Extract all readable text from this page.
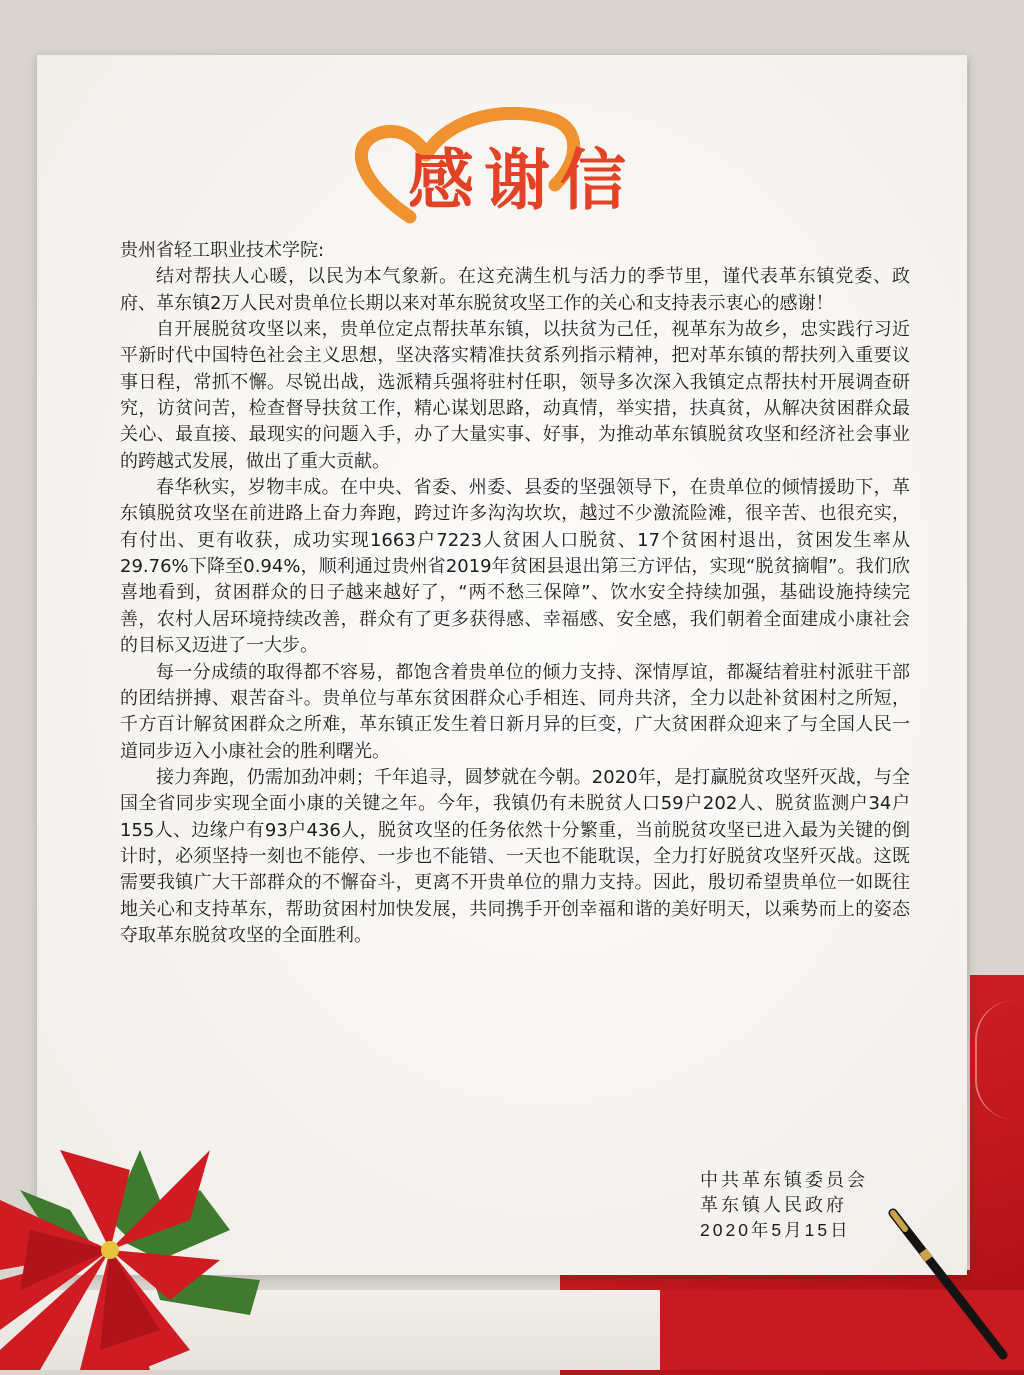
感谢信

贵州省轻工职业技术学院:

结对帮扶人心暖，以民为本气象新。在这充满生机与活力的季节里，谨代表革东镇党委、政府、革东镇2万人民对贵单位长期以来对革东脱贫攻坚工作的关心和支持表示衷心的感谢！

自开展脱贫攻坚以来，贵单位定点帮扶革东镇，以扶贫为己任，视革东为故乡，忠实践行习近平新时代中国特色社会主义思想，坚决落实精准扶贫系列指示精神，把对革东镇的帮扶列入重要议事日程，常抓不懈。尽锐出战，选派精兵强将驻村任职，领导多次深入我镇定点帮扶村开展调查研究，访贫问苦，检查督导扶贫工作，精心谋划思路，动真情，举实措，扶真贫，从解决贫困群众最关心、最直接、最现实的问题入手，办了大量实事、好事，为推动革东镇脱贫攻坚和经济社会事业的跨越式发展，做出了重大贡献。

春华秋实，岁物丰成。在中央、省委、州委、县委的坚强领导下，在贵单位的倾情援助下，革东镇脱贫攻坚在前进路上奋力奔跑，跨过许多沟沟坎坎，越过不少激流险滩，很辛苦、也很充实，有付出、更有收获，成功实现1663户7223人贫困人口脱贫、17个贫困村退出，贫困发生率从29.76%下降至0.94%，顺利通过贵州省2019年贫困县退出第三方评估，实现“脱贫摘帽”。我们欣喜地看到，贫困群众的日子越来越好了，“两不愁三保障”、饮水安全持续加强，基础设施持续完善，农村人居环境持续改善，群众有了更多获得感、幸福感、安全感，我们朝着全面建成小康社会的目标又迈进了一大步。

每一分成绩的取得都不容易，都饱含着贵单位的倾力支持、深情厚谊，都凝结着驻村派驻干部的团结拼搏、艰苦奋斗。贵单位与革东贫困群众心手相连、同舟共济，全力以赴补贫困村之所短，千方百计解贫困群众之所难，革东镇正发生着日新月异的巨变，广大贫困群众迎来了与全国人民一道同步迈入小康社会的胜利曙光。

接力奔跑，仍需加劲冲刺；千年追寻，圆梦就在今朝。2020年，是打赢脱贫攻坚歼灭战，与全国全省同步实现全面小康的关键之年。今年，我镇仍有未脱贫人口59户202人、脱贫监测户34户155人、边缘户有93户436人，脱贫攻坚的任务依然十分繁重，当前脱贫攻坚已进入最为关键的倒计时，必须坚持一刻也不能停、一步也不能错、一天也不能耽误，全力打好脱贫攻坚歼灭战。这既需要我镇广大干部群众的不懈奋斗，更离不开贵单位的鼎力支持。因此，殷切希望贵单位一如既往地关心和支持革东，帮助贫困村加快发展，共同携手开创幸福和谐的美好明天，以乘势而上的姿态夺取革东脱贫攻坚的全面胜利。

中共革东镇委员会
革东镇人民政府
2020年5月15日
